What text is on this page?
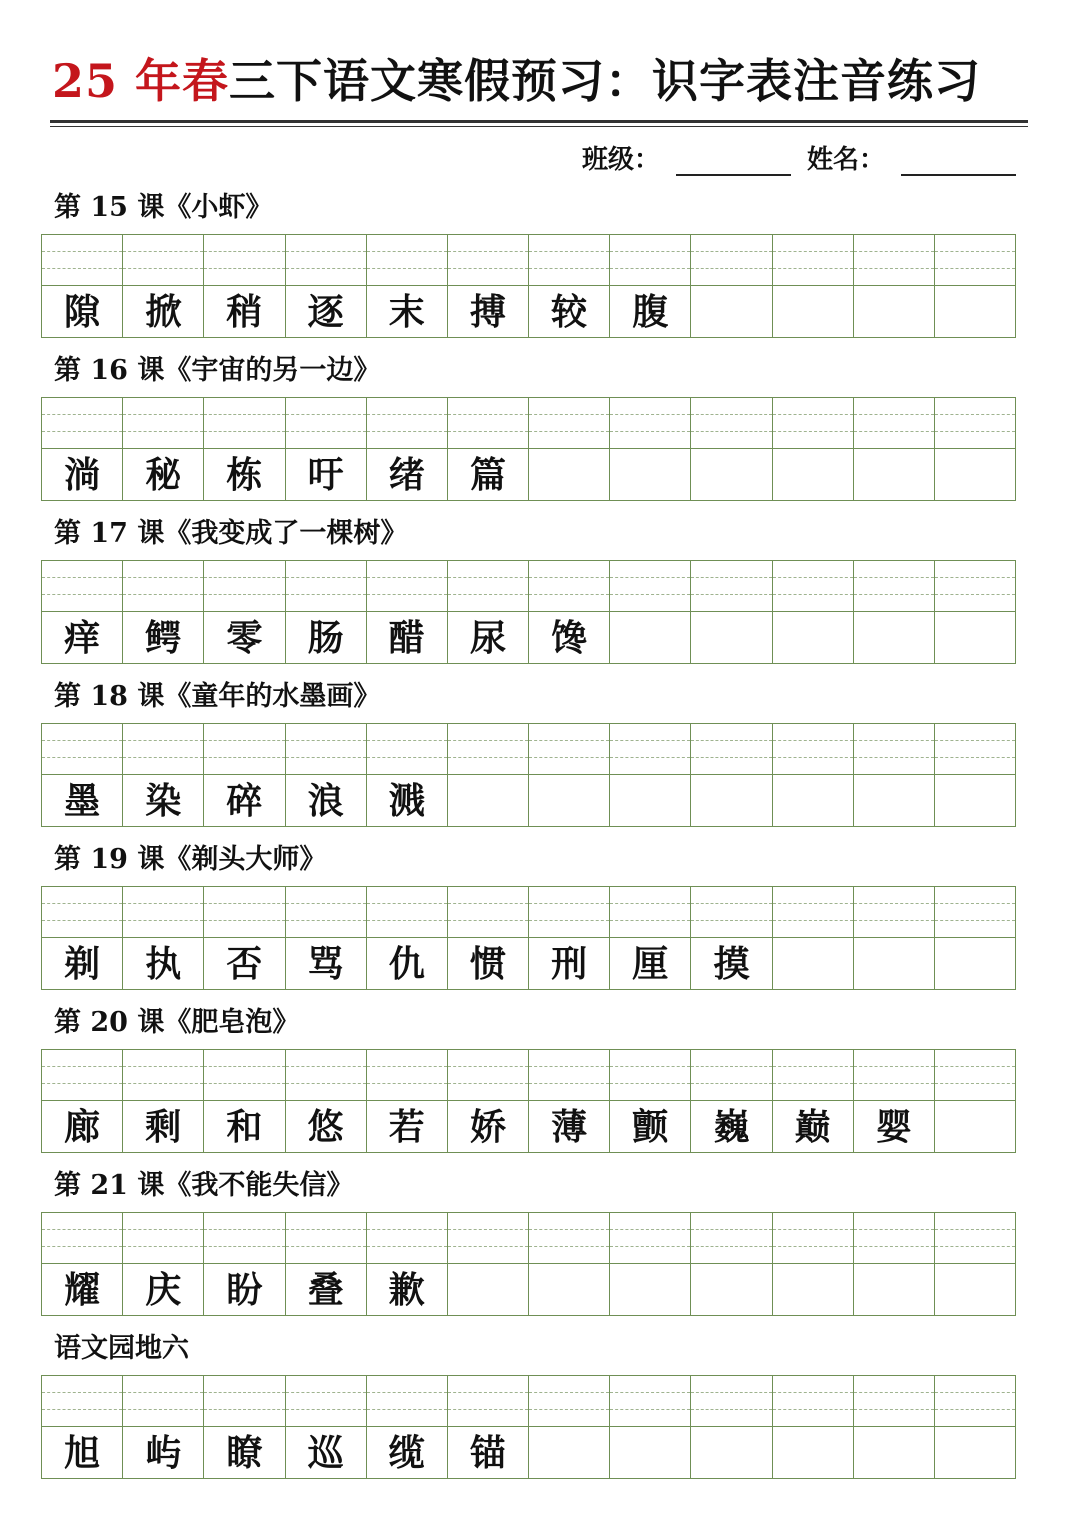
25 年春三下语文寒假预习：识字表注音练习
班级：	姓名：
第 15 课《小虾》
隙	掀	稍	逐	末	搏	较	腹
第 16 课《宇宙的另一边》
淌	秘	栋	吁	绪	篇
第 17 课《我变成了一棵树》
痒	鳄	零	肠	醋	尿	馋
第 18 课《童年的水墨画》
墨	染	碎	浪	溅
第 19 课《剃头大师》
剃	执	否	骂	仇	惯	刑	厘	摸
第 20 课《肥皂泡》
廊	剩	和	悠	若	娇	薄	颤	巍	巅	婴
第 21 课《我不能失信》
耀	庆	盼	叠	歉
语文园地六
旭	屿	瞭	巡	缆	锚
